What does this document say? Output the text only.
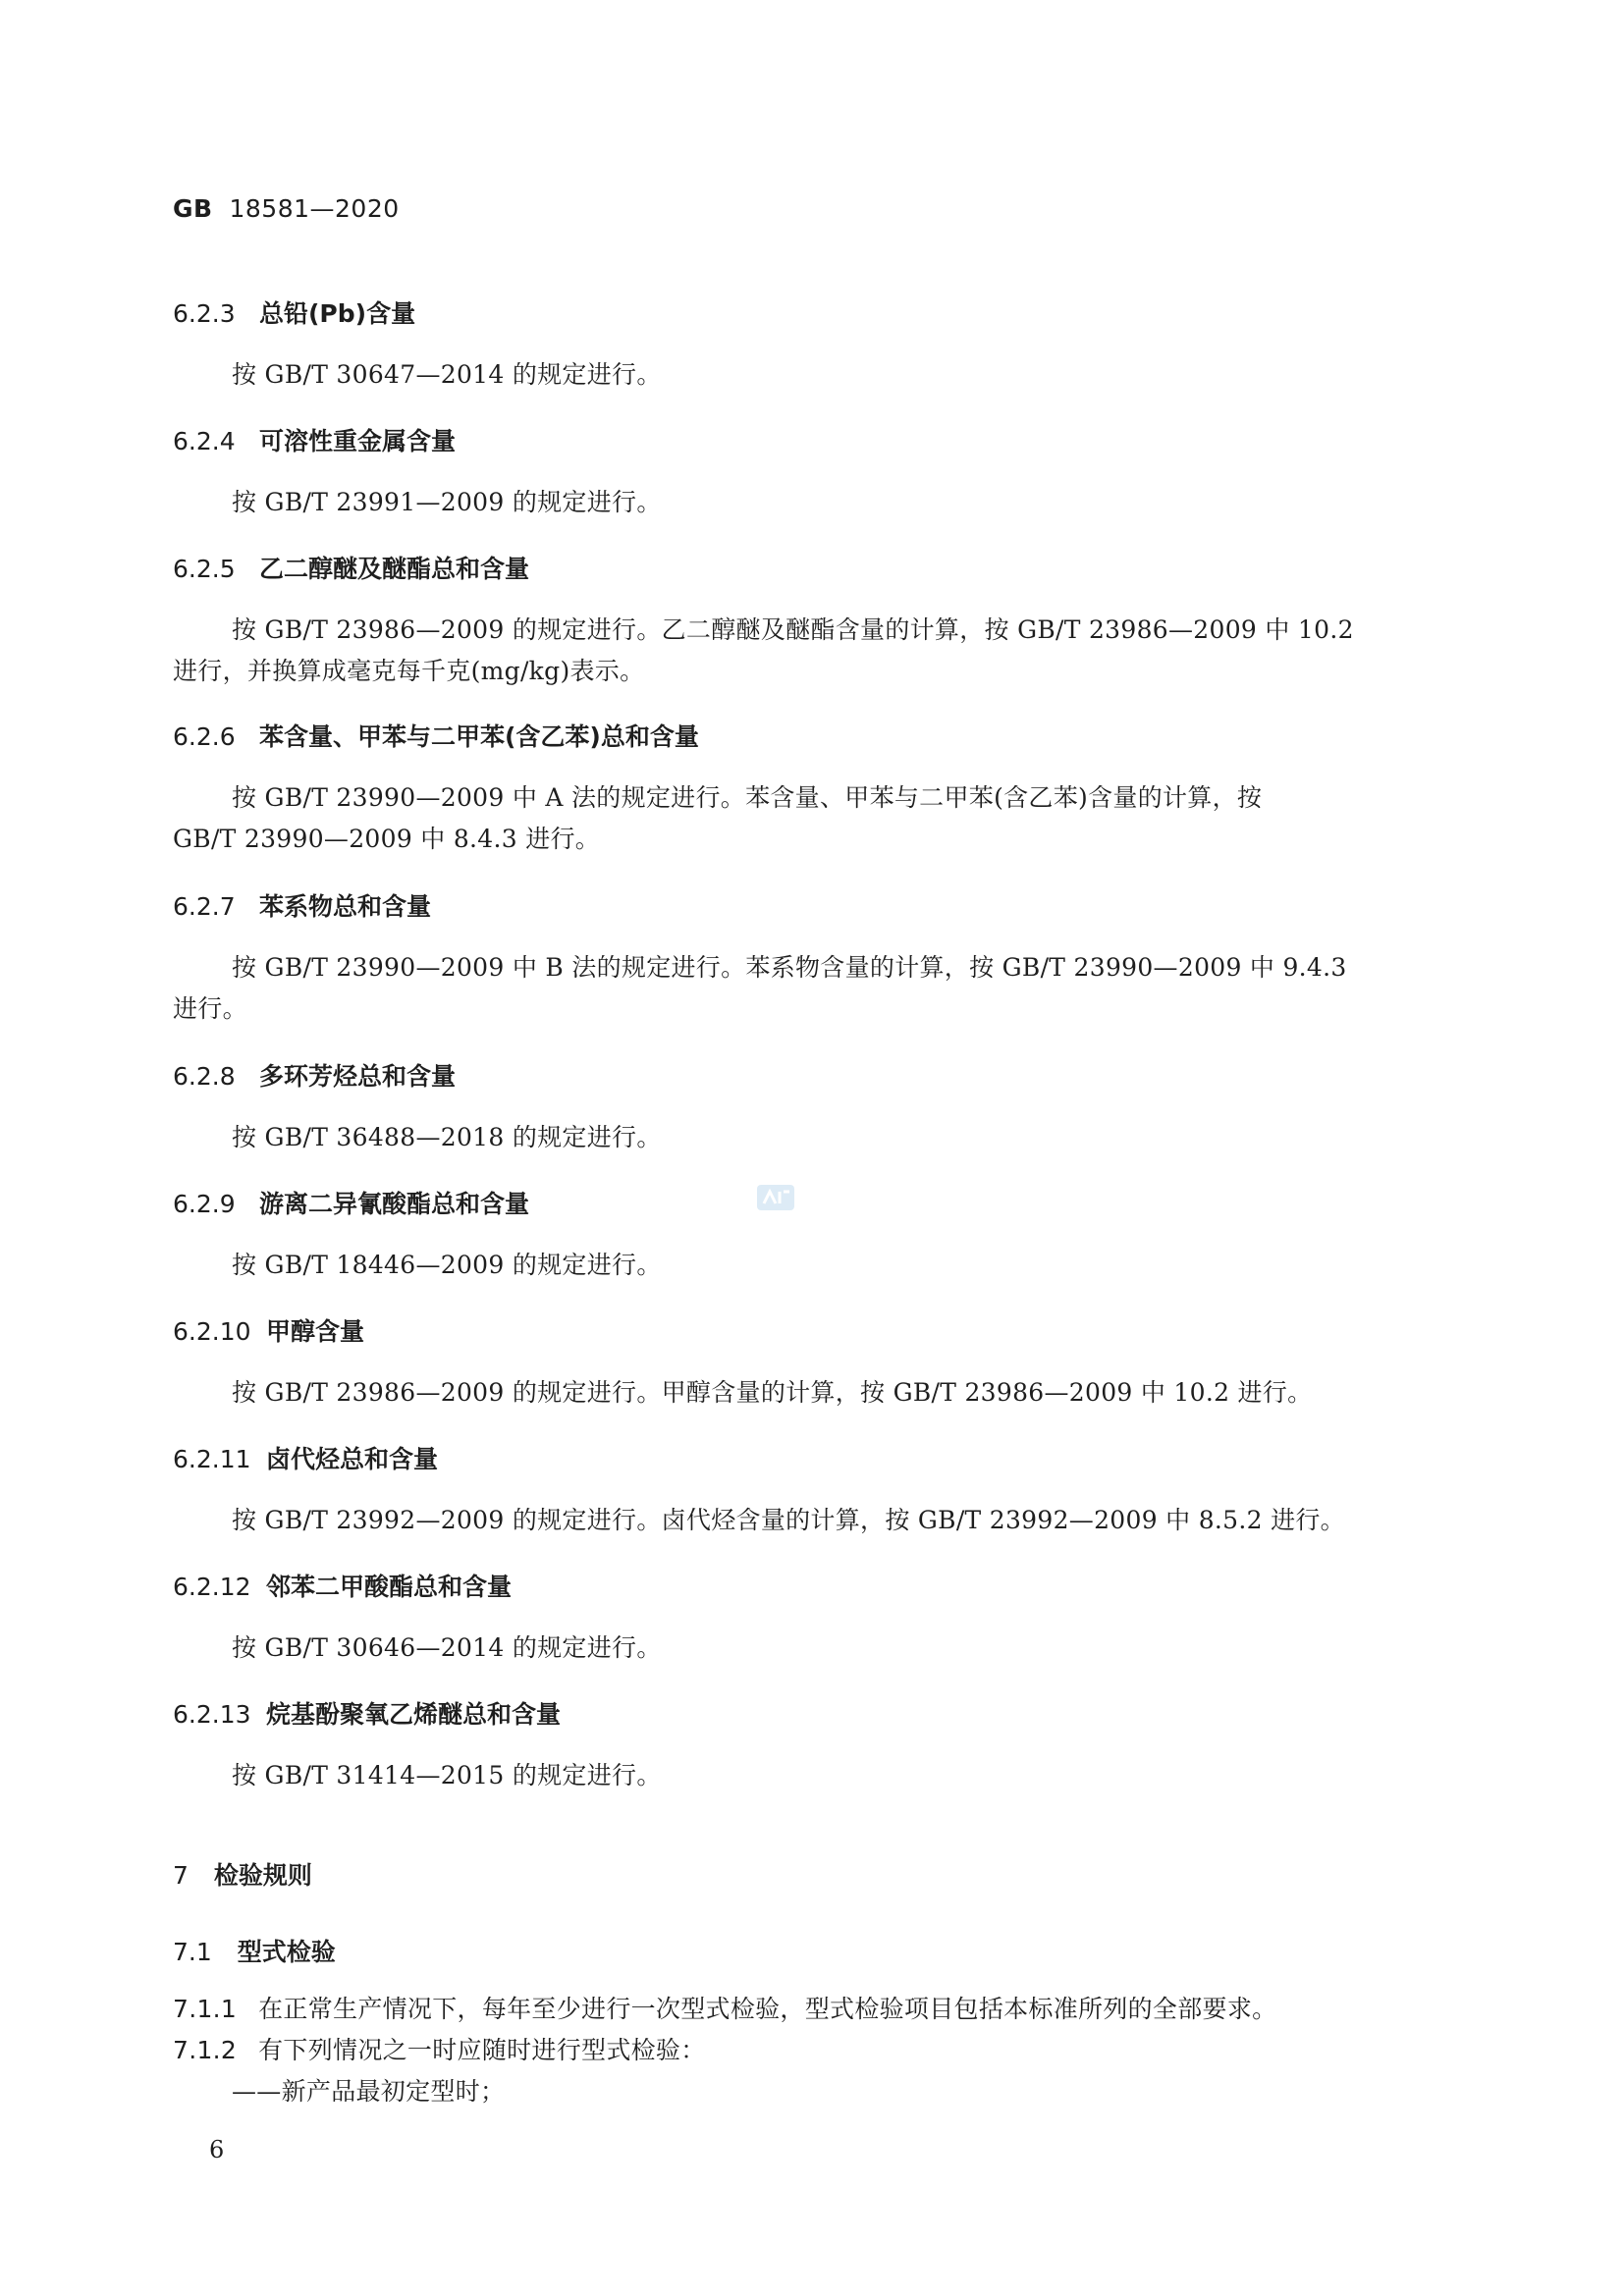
GB 18581—2020
6.2.3 总铅(Pb)含量
按 GB/T 30647—2014 的规定进行。
6.2.4 可溶性重金属含量
按 GB/T 23991—2009 的规定进行。
6.2.5 乙二醇醚及醚酯总和含量
按 GB/T 23986—2009 的规定进行。乙二醇醚及醚酯含量的计算，按 GB/T 23986—2009 中 10.2
进行，并换算成毫克每千克(mg/kg)表示。
6.2.6 苯含量、甲苯与二甲苯(含乙苯)总和含量
按 GB/T 23990—2009 中 A 法的规定进行。苯含量、甲苯与二甲苯(含乙苯)含量的计算，按
GB/T 23990—2009 中 8.4.3 进行。
6.2.7 苯系物总和含量
按 GB/T 23990—2009 中 B 法的规定进行。苯系物含量的计算，按 GB/T 23990—2009 中 9.4.3
进行。
6.2.8 多环芳烃总和含量
按 GB/T 36488—2018 的规定进行。
6.2.9 游离二异氰酸酯总和含量
按 GB/T 18446—2009 的规定进行。
6.2.10 甲醇含量
按 GB/T 23986—2009 的规定进行。甲醇含量的计算，按 GB/T 23986—2009 中 10.2 进行。
6.2.11 卤代烃总和含量
按 GB/T 23992—2009 的规定进行。卤代烃含量的计算，按 GB/T 23992—2009 中 8.5.2 进行。
6.2.12 邻苯二甲酸酯总和含量
按 GB/T 30646—2014 的规定进行。
6.2.13 烷基酚聚氧乙烯醚总和含量
按 GB/T 31414—2015 的规定进行。
7 检验规则
7.1 型式检验
7.1.1 在正常生产情况下，每年至少进行一次型式检验，型式检验项目包括本标准所列的全部要求。
7.1.2 有下列情况之一时应随时进行型式检验：
——新产品最初定型时；
6
